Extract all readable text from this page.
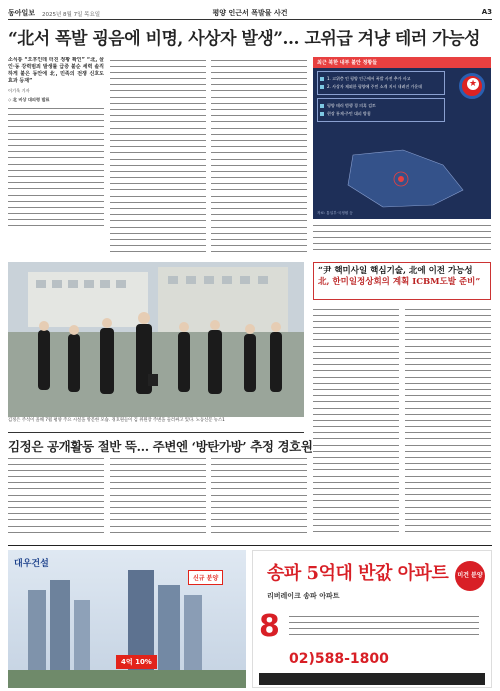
동아일보 2025년 8월 7일 목요일	평양 인근서 폭발물 사건	A3
“北서 폭발 굉음에 비명, 사상자 발생”… 고위급 겨냥 테러 가능성
소식통 “오후인데 터진 정황 확인” “北, 살인·동 강력범죄 발생률 급증 불순 세력 솔직하게 붙은 동안에 北, 민족의 전쟁 신호도 효과 등재”
이기욱 기자
◇ 北 비상 대피령 발표
최근 북한 내부 불안 정황들
★
1. 고위층 인 평양 인근에서 폭발 사전 추가 사고
2. 사상자 제외한 평양에 주민 소개 지시 내려진 가운데
평양 테러 범행 경 의혹 검토
현장 통제·주민 대피 방침
자료: 통일부·국정원 등
김정은 주석이 올해 7월 평양 주요 시설을 방문한 모습. 경호원들이 김 위원장 주변을 둘러싸고 있다. 노동신문 뉴스1
김정은 공개활동 절반 뚝… 주변엔 ‘방탄가방’ 추정 경호원
“尹 핵미사일 핵심기술, 北에 이전 가능성
北, 한미일정상회의 계획 ICBM도발 준비”
대우건설
4억 10%
신규 분양	송파 5억대 반값 아파트	미건 분양
리버레이크 송파 아파트
8
02)588-1800
